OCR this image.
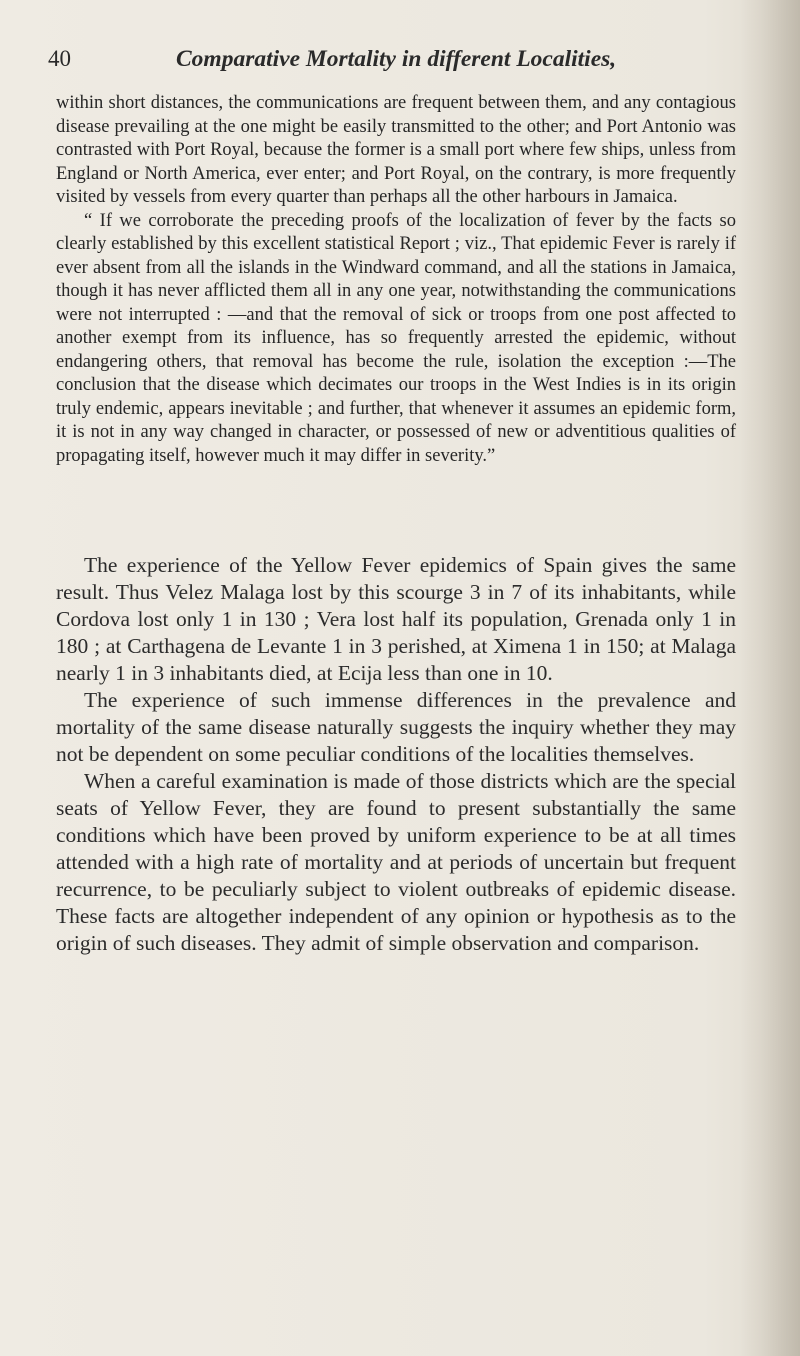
40	Comparative Mortality in different Localities,

within short distances, the communications are frequent between them, and any contagious disease prevailing at the one might be easily transmitted to the other; and Port Antonio was contrasted with Port Royal, because the former is a small port where few ships, unless from England or North America, ever enter; and Port Royal, on the contrary, is more frequently visited by vessels from every quarter than perhaps all the other harbours in Jamaica.

“ If we corroborate the preceding proofs of the localization of fever by the facts so clearly established by this excellent statistical Report ; viz., That epidemic Fever is rarely if ever absent from all the islands in the Windward command, and all the stations in Jamaica, though it has never afflicted them all in any one year, notwithstanding the communications were not interrupted : —and that the removal of sick or troops from one post affected to another exempt from its influence, has so frequently arrested the epidemic, without endangering others, that removal has become the rule, isolation the exception :—The conclusion that the disease which decimates our troops in the West Indies is in its origin truly endemic, appears inevitable ; and further, that whenever it assumes an epidemic form, it is not in any way changed in character, or possessed of new or adventitious qualities of propagating itself, however much it may differ in severity.”

The experience of the Yellow Fever epidemics of Spain gives the same result. Thus Velez Malaga lost by this scourge 3 in 7 of its inhabitants, while Cordova lost only 1 in 130 ; Vera lost half its population, Grenada only 1 in 180 ; at Carthagena de Levante 1 in 3 perished, at Ximena 1 in 150; at Malaga nearly 1 in 3 inhabitants died, at Ecija less than one in 10.

The experience of such immense differences in the prevalence and mortality of the same disease naturally suggests the inquiry whether they may not be dependent on some peculiar conditions of the localities themselves.

When a careful examination is made of those districts which are the special seats of Yellow Fever, they are found to present substantially the same conditions which have been proved by uniform experience to be at all times attended with a high rate of mortality and at periods of uncertain but frequent recurrence, to be peculiarly subject to violent outbreaks of epidemic disease. These facts are altogether independent of any opinion or hypothesis as to the origin of such diseases. They admit of simple observation and comparison.
